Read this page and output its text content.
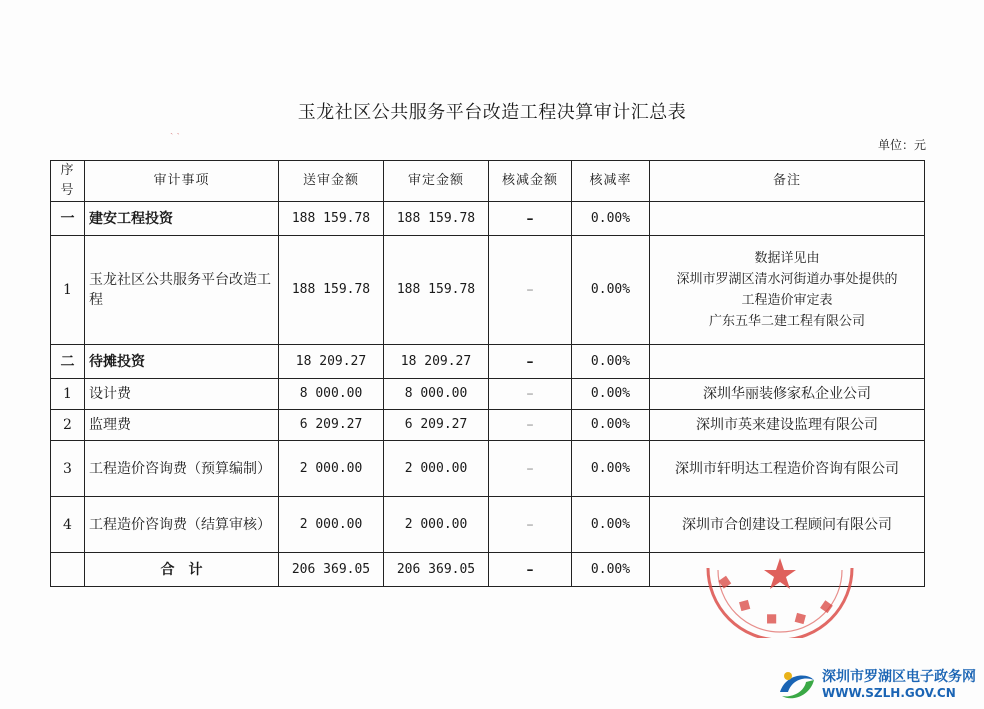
ˎ ˏ
玉龙社区公共服务平台改造工程决算审计汇总表
单位：元
序号	审计事项	送审金额	审定金额	核减金额	核减率	备注
一	建安工程投资	188 159.78	188 159.78	–	0.00%	
1	玉龙社区公共服务平台改造工程	188 159.78	188 159.78	–	0.00%	数据详见由
深圳市罗湖区清水河街道办事处提供的
工程造价审定表
广东五华二建工程有限公司

二	待摊投资	18 209.27	18 209.27	–	0.00%	
1	设计费	8 000.00	8 000.00	–	0.00%	深圳华丽装修家私企业公司
2	监理费	6 209.27	6 209.27	–	0.00%	深圳市英来建设监理有限公司
3	工程造价咨询费（预算编制）	2 000.00	2 000.00	–	0.00%	深圳市轩明达工程造价咨询有限公司
4	工程造价咨询费（结算审核）	2 000.00	2 000.00	–	0.00%	深圳市合创建设工程顾问有限公司
	合　计	206 369.05	206 369.05	–	0.00%	
■
■
■ ■
■
深圳市罗湖区电子政务网
WWW.SZLH.GOV.CN
